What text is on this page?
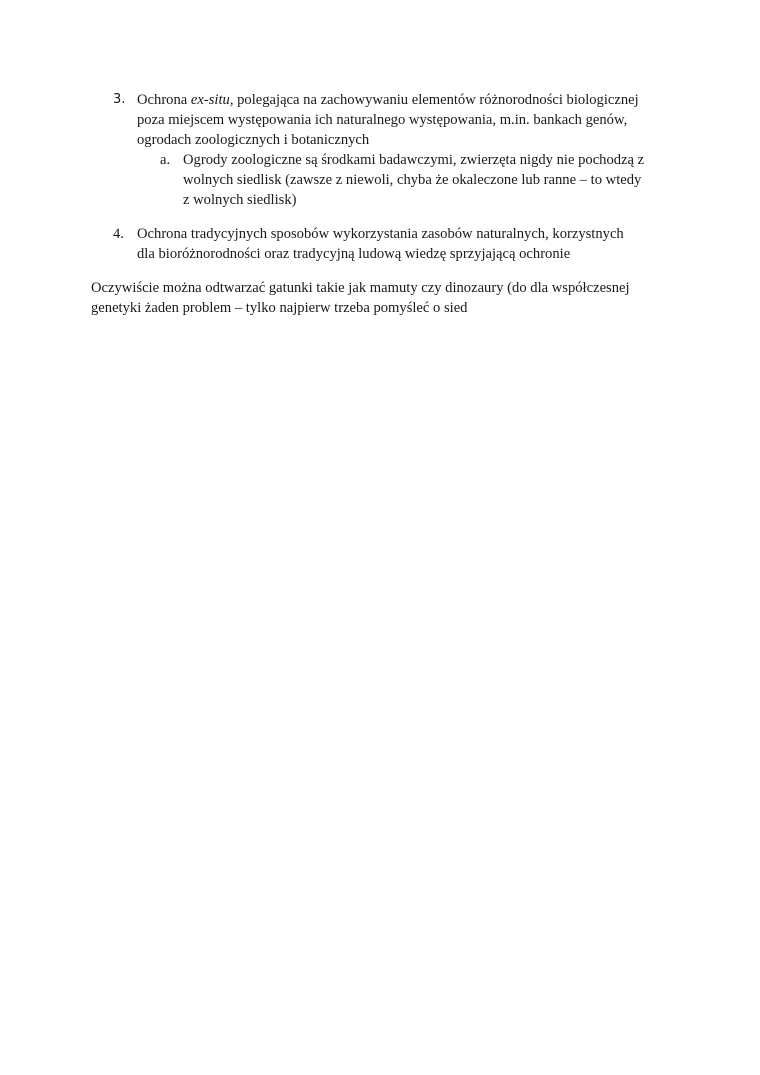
3. Ochrona ex-situ, polegająca na zachowywaniu elementów różnorodności biologicznej
poza miejscem występowania ich naturalnego występowania, m.in. bankach genów,
ogrodach zoologicznych i botanicznych
a. Ogrody zoologiczne są środkami badawczymi, zwierzęta nigdy nie pochodzą z
wolnych siedlisk (zawsze z niewoli, chyba że okaleczone lub ranne – to wtedy
z wolnych siedlisk)
4. Ochrona tradycyjnych sposobów wykorzystania zasobów naturalnych, korzystnych
dla bioróżnorodności oraz tradycyjną ludową wiedzę sprzyjającą ochronie
Oczywiście można odtwarzać gatunki takie jak mamuty czy dinozaury (do dla współczesnej
genetyki żaden problem – tylko najpierw trzeba pomyśleć o sied
